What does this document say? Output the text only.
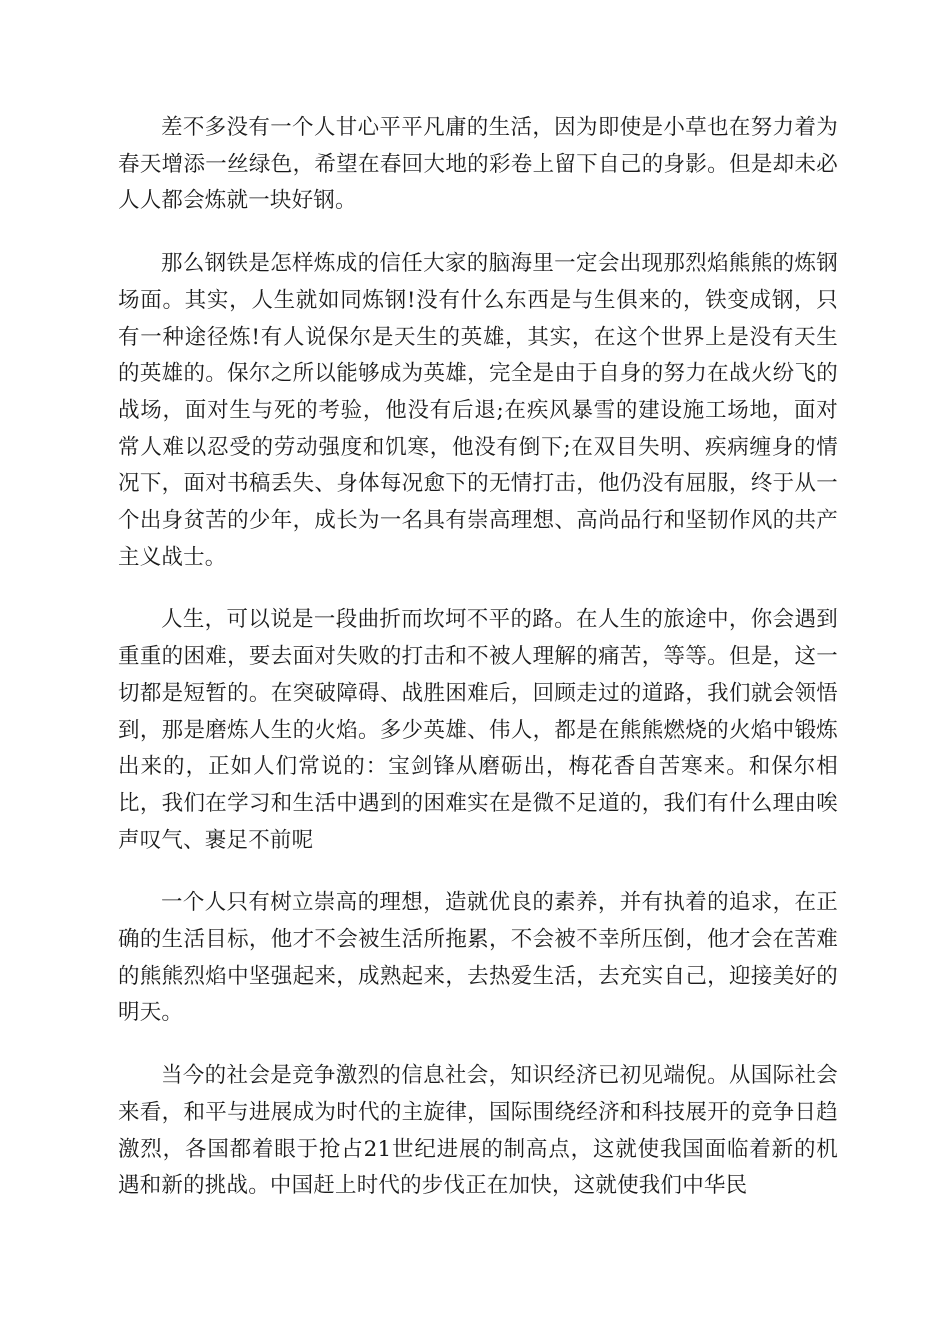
差不多没有一个人甘心平平凡庸的生活，因为即使是小草也在努力着为春天增添一丝绿色，希望在春回大地的彩卷上留下自己的身影。但是却未必人人都会炼就一块好钢。

那么钢铁是怎样炼成的信任大家的脑海里一定会出现那烈焰熊熊的炼钢场面。其实，人生就如同炼钢!没有什么东西是与生俱来的，铁变成钢，只有一种途径炼!有人说保尔是天生的英雄，其实，在这个世界上是没有天生的英雄的。保尔之所以能够成为英雄，完全是由于自身的努力在战火纷飞的战场，面对生与死的考验，他没有后退;在疾风暴雪的建设施工场地，面对常人难以忍受的劳动强度和饥寒，他没有倒下;在双目失明、疾病缠身的情况下，面对书稿丢失、身体每况愈下的无情打击，他仍没有屈服，终于从一个出身贫苦的少年，成长为一名具有崇高理想、高尚品行和坚韧作风的共产主义战士。

人生，可以说是一段曲折而坎坷不平的路。在人生的旅途中，你会遇到重重的困难，要去面对失败的打击和不被人理解的痛苦，等等。但是，这一切都是短暂的。在突破障碍、战胜困难后，回顾走过的道路，我们就会领悟到，那是磨炼人生的火焰。多少英雄、伟人，都是在熊熊燃烧的火焰中锻炼出来的，正如人们常说的：宝剑锋从磨砺出，梅花香自苦寒来。和保尔相比，我们在学习和生活中遇到的困难实在是微不足道的，我们有什么理由唉声叹气、裹足不前呢

一个人只有树立崇高的理想，造就优良的素养，并有执着的追求，在正确的生活目标，他才不会被生活所拖累，不会被不幸所压倒，他才会在苦难的熊熊烈焰中坚强起来，成熟起来，去热爱生活，去充实自己，迎接美好的明天。

当今的社会是竞争激烈的信息社会，知识经济已初见端倪。从国际社会来看，和平与进展成为时代的主旋律，国际围绕经济和科技展开的竞争日趋激烈，各国都着眼于抢占21世纪进展的制高点，这就使我国面临着新的机遇和新的挑战。中国赶上时代的步伐正在加快，这就使我们中华民
